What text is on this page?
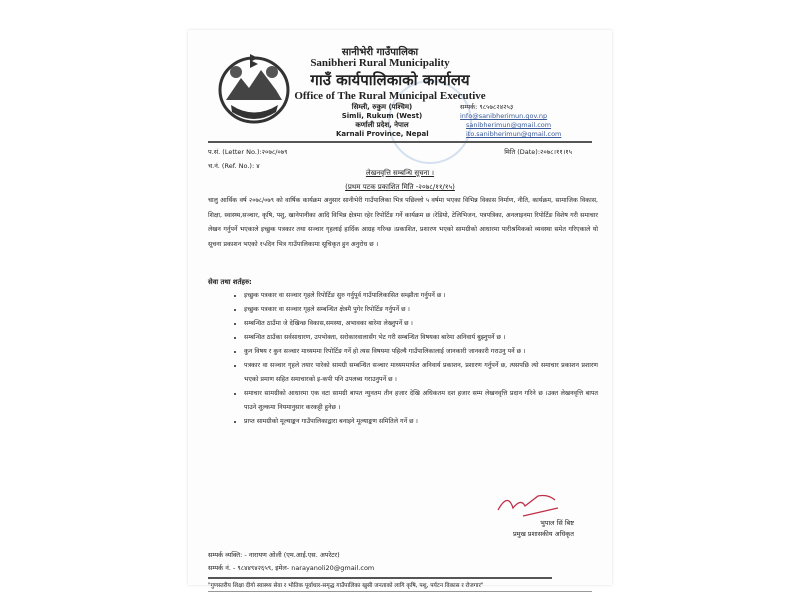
सानीभेरी गाउँपालिका
Sanibheri Rural Municipality
गाउँ कार्यपालिकाको कार्यालय
Office of The Rural Municipal Executive
सिम्ली, रुकुम (पश्चिम)
Simli, Rukum (West)
कर्णाली प्रदेश, नेपाल
Karnali Province, Nepal
सम्पर्क: ९८५७८२४२५३
info@sanibherimun.gov.np
sanibherimun@gmail.com
ito.sanibherimun@gmail.com
प.सं. (Letter No.):२०७८/०७९	मिति (Date):२०७८।११।१५
च.नं. (Ref. No.): ४
लेखनवृत्ति सम्बन्धि सूचना ।
(प्रथम पटक प्रकाशित मिति -२०७८/११/१५)
चालु आर्थिक वर्ष २०७८/०७९ को वार्षिक कार्यक्रम अनुसार सानीभेरी गाउँपालिका भित्र पछिल्लो ५ वर्षमा भएका विभिन्न विकास निर्माण, नीति, कार्यक्रम, सामाजिक विकास, शिक्षा, स्वास्थ्य,सञ्चार, कृषि, पशु, खानेपानीका आदि विभिन्न क्षेत्रमा रहेर रिपोर्टिङ गर्ने कार्यक्रम छ ।रेडियो, टेलिभिजन, पत्रपत्रिका, अनलाइनमा रिपोर्टिङ विशेष गरी समाचार लेखन गर्नुपर्ने भएकाले इच्छुक पत्रकार तथा सञ्चार गृहलाई हार्दिक आग्रह गरिन्छ ।प्रकाशित, प्रशारण भएको सामग्रीको आधारमा पारीश्रमिकको व्यवस्था समेत गरिएकाले यो सूचना प्रकाशन भएको १५दिन भित्र गाउँपालिकामा सूचिकृत हुन अनुरोध छ ।
सेवा तथा शर्तहरु:
• इच्छुक पत्रकार वा सञ्चार गृहले रिपोर्टिङ सुरु गर्नुपूर्व गाउँपालिकासित सम्झौता गर्नुपर्ने छ ।
• इच्छुक पत्रकार वा सञ्चार गृहले सम्बन्धित क्षेत्रमै पुगेर रिपोर्टिङ गर्नुपर्ने छ ।
• सम्बन्धित ठाउँमा जे देखिन्छ विकास,समस्या, अभावका बारेमा लेख्नुपर्ने छ ।
• सम्बन्धित ठाउँका सर्वसाधारण, उपभोक्ता, सरोकारवालासँग भेट गरी सम्बन्धित विषयका बारेमा अनिवार्य बुझ्नुपर्ने छ ।
• कुन विषय र कुन सञ्चार माध्यममा रिपोर्टिङ गर्ने हो त्यस विषयमा पहिल्यै गाउँपालिकालाई जानकारी जानकारी गराउनु पर्ने छ ।
• पत्रकार वा सञ्चार गृहले तयार पारेको सामग्री सम्बन्धित सञ्चार माध्यममार्फत अनिवार्य प्रकाशन, प्रशारण गर्नुपर्ने छ, त्यसपछि त्यो समाचार प्रकाशन प्रशारण भएको प्रमाण सहित समाचारको इ-कपी पनि उपलब्ध गराउनुपर्ने छ ।
• समाचार सामग्रीको आधारमा एक वटा सामग्री बापत न्युनतम तीन हजार देखि अधिकतम दश हजार सम्म लेखनवृत्ति प्रदान गरिने छ ।उक्त लेखनवृत्ति बापत पाउने शुल्कमा नियमानुसार करकट्टी हुनेछ ।
• प्राप्त सामग्रीको मूल्याङ्कन गाउँपालिकाद्वारा बनाइने मूल्याङ्कण समितिले गर्ने छ ।
भुपाल सिं बिष्ट
प्रमुख प्रशासकीय अधिकृत
सम्पर्क व्यक्ति: - नारायण ओली (एम.आई.एस. अपरेटर)
सम्पर्क नं. - ९८४४९४२६५९, इमेल- narayanoli20@gmail.com
"गुणस्तरीय शिक्षा दीगो स्वास्थ्य सेवा र भौतिक पूर्वाधार-समृद्ध गाउँपालिका खुसी जनताको लागि कृषि, पशु, पर्यटन विकास र रोजगार"
